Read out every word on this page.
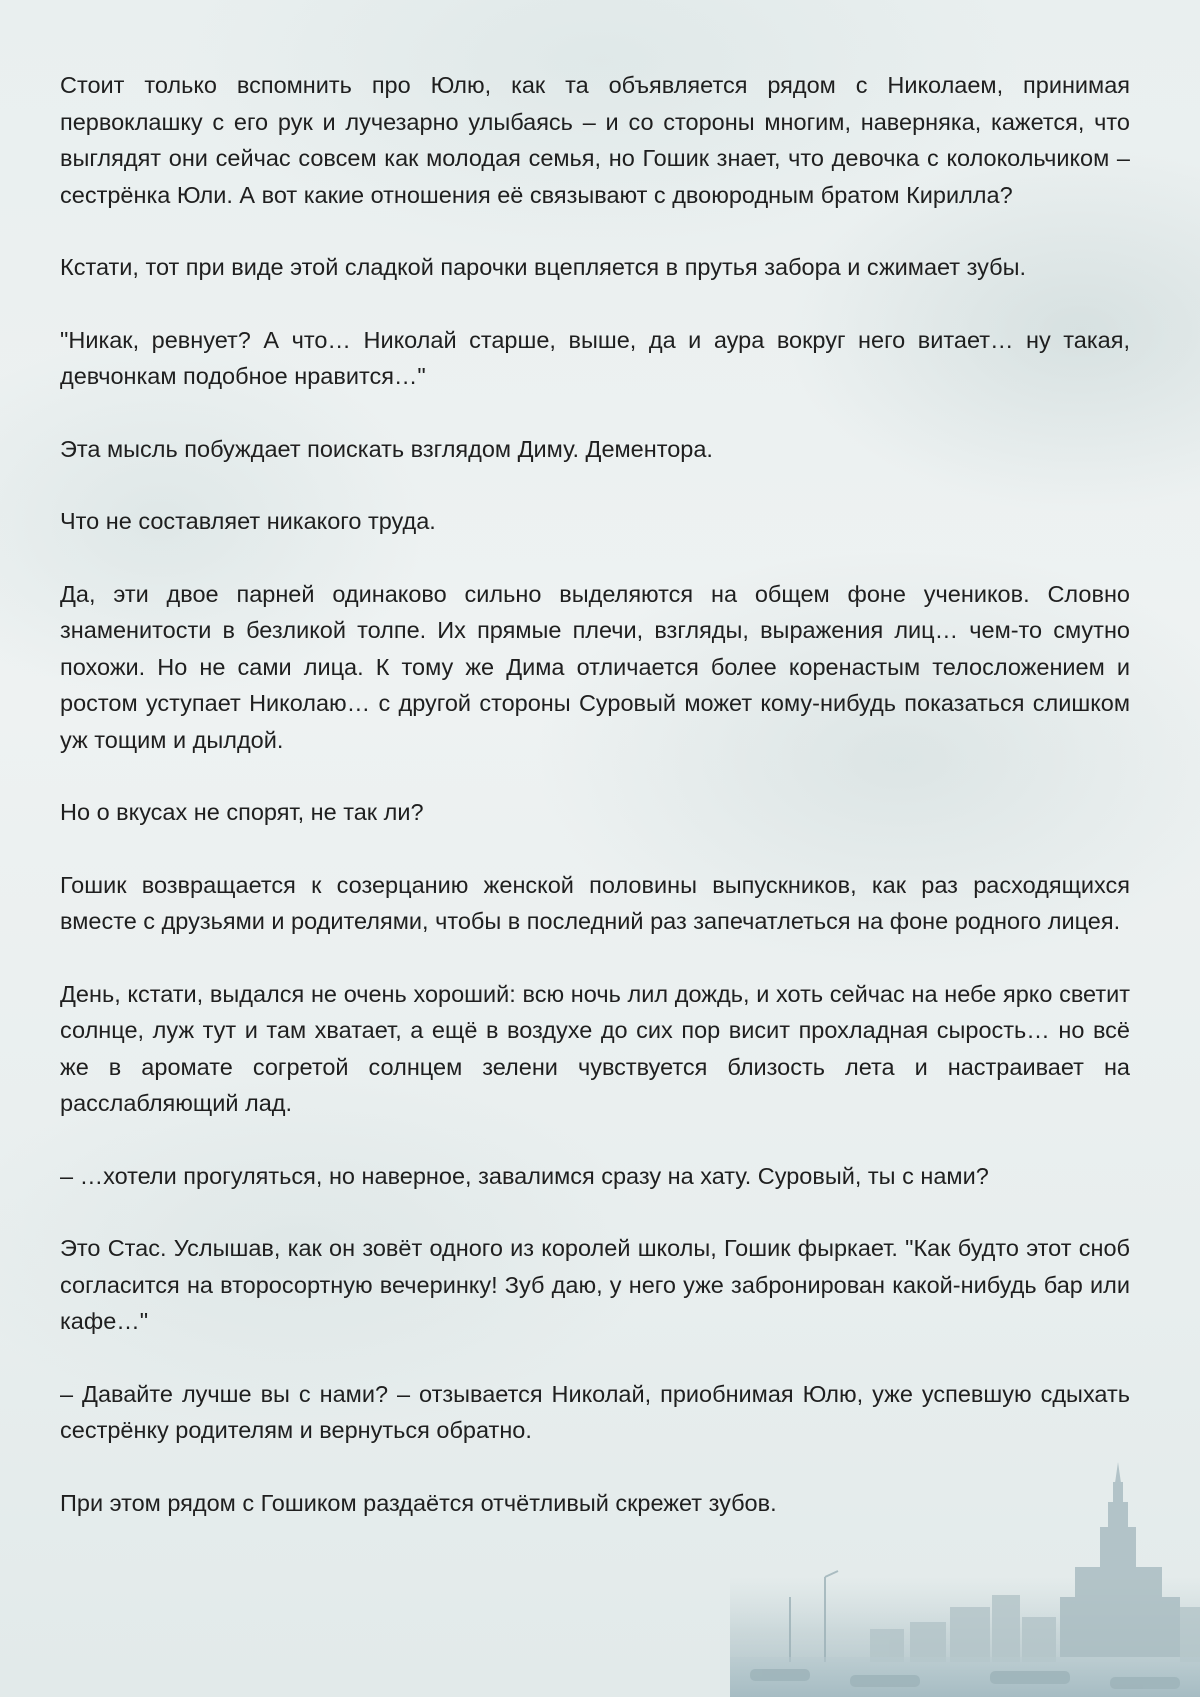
Стоит только вспомнить про Юлю, как та объявляется рядом с Николаем, принимая первоклашку с его рук и лучезарно улыбаясь – и со стороны многим, наверняка, кажется, что выглядят они сейчас совсем как молодая семья, но Гошик знает, что девочка с колокольчиком – сестрёнка Юли. А вот какие отношения её связывают с двоюродным братом Кирилла?

Кстати, тот при виде этой сладкой парочки вцепляется в прутья забора и сжимает зубы.

"Никак, ревнует? А что… Николай старше, выше, да и аура вокруг него витает… ну такая, девчонкам подобное нравится…"

Эта мысль побуждает поискать взглядом Диму. Дементора.

Что не составляет никакого труда.

Да, эти двое парней одинаково сильно выделяются на общем фоне учеников. Словно знаменитости в безликой толпе. Их прямые плечи, взгляды, выражения лиц… чем-то смутно похожи. Но не сами лица. К тому же Дима отличается более коренастым телосложением и ростом уступает Николаю… с другой стороны Суровый может кому-нибудь показаться слишком уж тощим и дылдой.

Но о вкусах не спорят, не так ли?

Гошик возвращается к созерцанию женской половины выпускников, как раз расходящихся вместе с друзьями и родителями, чтобы в последний раз запечатлеться на фоне родного лицея.

День, кстати, выдался не очень хороший: всю ночь лил дождь, и хоть сейчас на небе ярко светит солнце, луж тут и там хватает, а ещё в воздухе до сих пор висит прохладная сырость… но всё же в аромате согретой солнцем зелени чувствуется близость лета и настраивает на расслабляющий лад.

– …хотели прогуляться, но наверное, завалимся сразу на хату. Суровый, ты с нами?

Это Стас. Услышав, как он зовёт одного из королей школы, Гошик фыркает. "Как будто этот сноб согласится на второсортную вечеринку! Зуб даю, у него уже забронирован какой-нибудь бар или кафе…"

– Давайте лучше вы с нами? – отзывается Николай, приобнимая Юлю, уже успевшую сдыхать сестрёнку родителям и вернуться обратно.

При этом рядом с Гошиком раздаётся отчётливый скрежет зубов.
